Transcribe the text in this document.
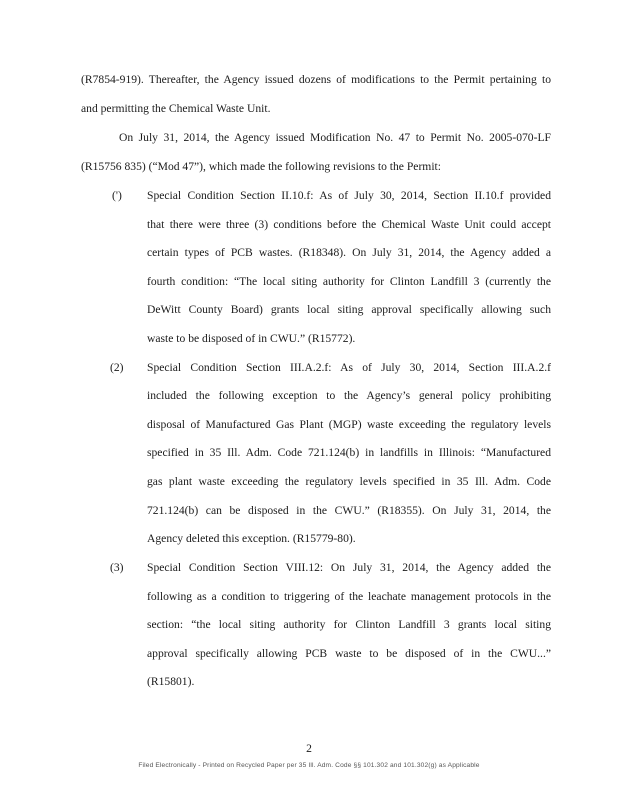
(R7854-919). Thereafter, the Agency issued dozens of modifications to the Permit pertaining to
and permitting the Chemical Waste Unit.
On July 31, 2014, the Agency issued Modification No. 47 to Permit No. 2005-070-LF
(R15756 835) (“Mod 47”), which made the following revisions to the Permit:
(') Special Condition Section II.10.f: As of July 30, 2014, Section II.10.f provided
that there were three (3) conditions before the Chemical Waste Unit could accept
certain types of PCB wastes. (R18348). On July 31, 2014, the Agency added a
fourth condition: “The local siting authority for Clinton Landfill 3 (currently the
DeWitt County Board) grants local siting approval specifically allowing such
waste to be disposed of in CWU.” (R15772).
(2) Special Condition Section III.A.2.f: As of July 30, 2014, Section III.A.2.f
included the following exception to the Agency’s general policy prohibiting
disposal of Manufactured Gas Plant (MGP) waste exceeding the regulatory levels
specified in 35 Ill. Adm. Code 721.124(b) in landfills in Illinois: “Manufactured
gas plant waste exceeding the regulatory levels specified in 35 Ill. Adm. Code
721.124(b) can be disposed in the CWU.” (R18355). On July 31, 2014, the
Agency deleted this exception. (R15779-80).
(3) Special Condition Section VIII.12: On July 31, 2014, the Agency added the
following as a condition to triggering of the leachate management protocols in the
section: “the local siting authority for Clinton Landfill 3 grants local siting
approval specifically allowing PCB waste to be disposed of in the CWU...”
(R15801).
2
Filed Electronically - Printed on Recycled Paper per 35 Ill. Adm. Code §§ 101.302 and 101.302(g) as Applicable
